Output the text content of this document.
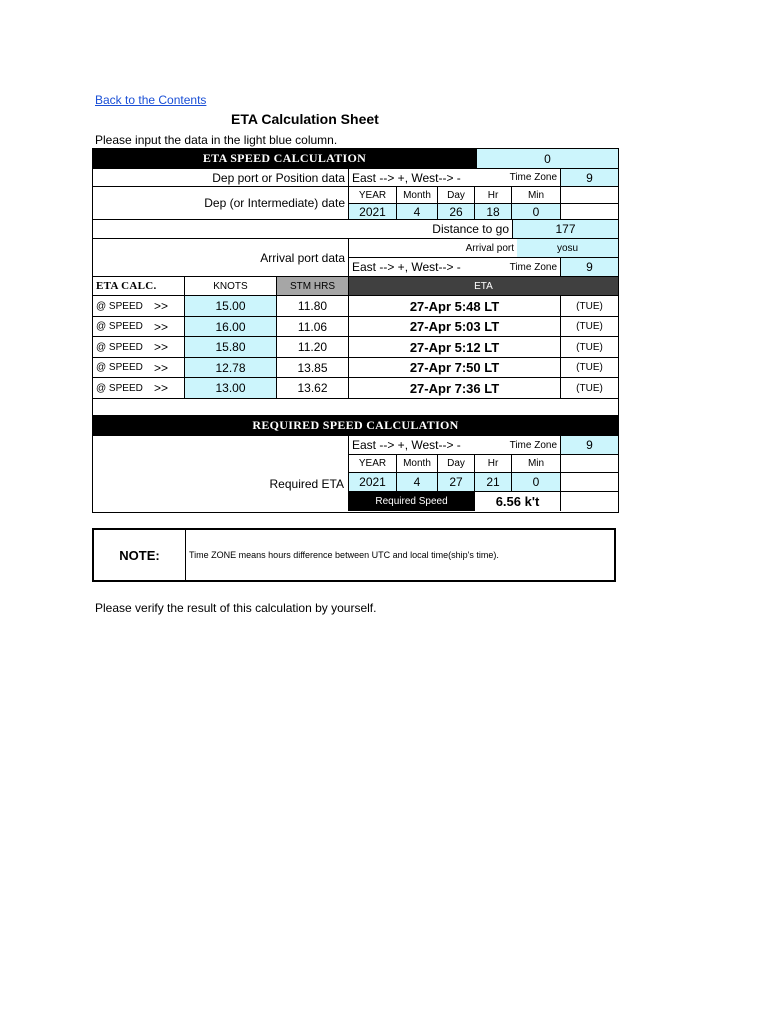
Back to the Contents
ETA Calculation Sheet
Please input the data in the light blue column.
ETA SPEED CALCULATION	0
Dep port or Position data East --> +, West--> -	Time Zone	9
Dep (or Intermediate) date
YEAR	Month	Day	Hr	Min
2021	4	26	18	0
Distance to go	177
Arrival port data
Arrival port	yosu
East --> +, West--> -	Time Zone	9
ETA CALC.	KNOTS	STM HRS	ETA
@ SPEED >>	15.00	11.80	27-Apr 5:48 LT	(TUE)
@ SPEED >>	16.00	11.06	27-Apr 5:03 LT	(TUE)
@ SPEED >>	15.80	11.20	27-Apr 5:12 LT	(TUE)
@ SPEED >>	12.78	13.85	27-Apr 7:50 LT	(TUE)
@ SPEED >>	13.00	13.62	27-Apr 7:36 LT	(TUE)
REQUIRED SPEED CALCULATION
Required ETA
East --> +, West--> -	Time Zone	9
YEAR	Month	Day	Hr	Min
2021	4	27	21	0
Required Speed	6.56 k't
NOTE:	Time ZONE means hours difference between UTC and local time(ship's time).
Please verify the result of this calculation by yourself.
